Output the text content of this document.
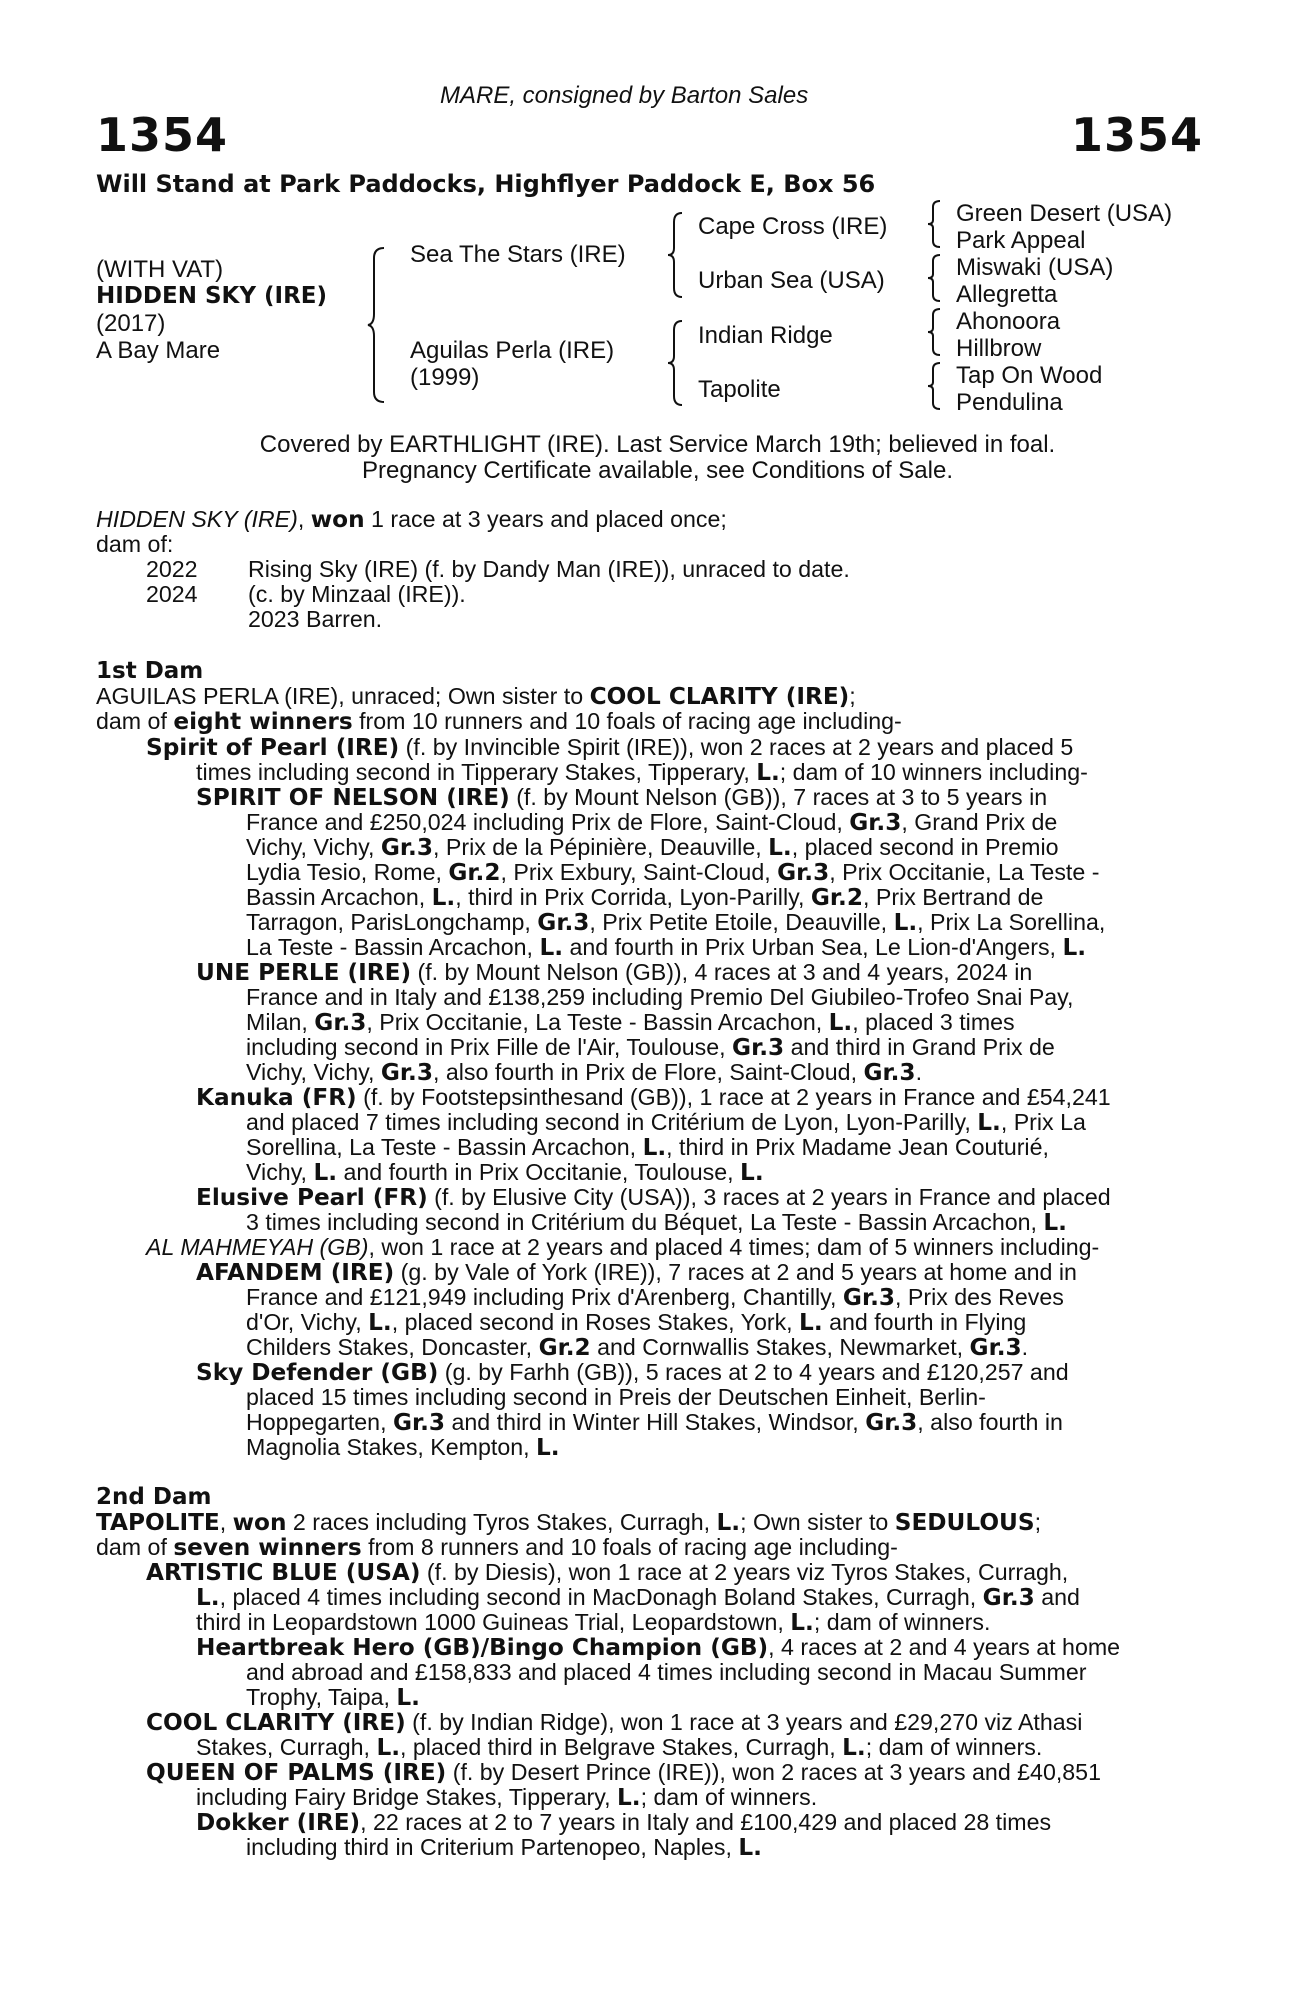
MARE, consigned by Barton Sales
1354	1354
Will Stand at Park Paddocks, Highflyer Paddock E, Box 56
(WITH VAT)
HIDDEN SKY (IRE)
(2017)
A Bay Mare
Sea The Stars (IRE)
Aguilas Perla (IRE)
(1999)
Cape Cross (IRE)
Urban Sea (USA)
Indian Ridge
Tapolite
Green Desert (USA)
Park Appeal
Miswaki (USA)
Allegretta
Ahonoora
Hillbrow
Tap On Wood
Pendulina
Covered by EARTHLIGHT (IRE). Last Service March 19th; believed in foal.
Pregnancy Certificate available, see Conditions of Sale.
HIDDEN SKY (IRE), won 1 race at 3 years and placed once;
dam of:
2022 Rising Sky (IRE) (f. by Dandy Man (IRE)), unraced to date.
2024 (c. by Minzaal (IRE)).
2023 Barren.
1st Dam
AGUILAS PERLA (IRE), unraced; Own sister to COOL CLARITY (IRE);
dam of eight winners from 10 runners and 10 foals of racing age including-
Spirit of Pearl (IRE) (f. by Invincible Spirit (IRE)), won 2 races at 2 years and placed 5
times including second in Tipperary Stakes, Tipperary, L.; dam of 10 winners including-
SPIRIT OF NELSON (IRE) (f. by Mount Nelson (GB)), 7 races at 3 to 5 years in
France and £250,024 including Prix de Flore, Saint-Cloud, Gr.3, Grand Prix de
Vichy, Vichy, Gr.3, Prix de la Pépinière, Deauville, L., placed second in Premio
Lydia Tesio, Rome, Gr.2, Prix Exbury, Saint-Cloud, Gr.3, Prix Occitanie, La Teste -
Bassin Arcachon, L., third in Prix Corrida, Lyon-Parilly, Gr.2, Prix Bertrand de
Tarragon, ParisLongchamp, Gr.3, Prix Petite Etoile, Deauville, L., Prix La Sorellina,
La Teste - Bassin Arcachon, L. and fourth in Prix Urban Sea, Le Lion-d'Angers, L.
UNE PERLE (IRE) (f. by Mount Nelson (GB)), 4 races at 3 and 4 years, 2024 in
France and in Italy and £138,259 including Premio Del Giubileo-Trofeo Snai Pay,
Milan, Gr.3, Prix Occitanie, La Teste - Bassin Arcachon, L., placed 3 times
including second in Prix Fille de l'Air, Toulouse, Gr.3 and third in Grand Prix de
Vichy, Vichy, Gr.3, also fourth in Prix de Flore, Saint-Cloud, Gr.3.
Kanuka (FR) (f. by Footstepsinthesand (GB)), 1 race at 2 years in France and £54,241
and placed 7 times including second in Critérium de Lyon, Lyon-Parilly, L., Prix La
Sorellina, La Teste - Bassin Arcachon, L., third in Prix Madame Jean Couturié,
Vichy, L. and fourth in Prix Occitanie, Toulouse, L.
Elusive Pearl (FR) (f. by Elusive City (USA)), 3 races at 2 years in France and placed
3 times including second in Critérium du Béquet, La Teste - Bassin Arcachon, L.
AL MAHMEYAH (GB), won 1 race at 2 years and placed 4 times; dam of 5 winners including-
AFANDEM (IRE) (g. by Vale of York (IRE)), 7 races at 2 and 5 years at home and in
France and £121,949 including Prix d'Arenberg, Chantilly, Gr.3, Prix des Reves
d'Or, Vichy, L., placed second in Roses Stakes, York, L. and fourth in Flying
Childers Stakes, Doncaster, Gr.2 and Cornwallis Stakes, Newmarket, Gr.3.
Sky Defender (GB) (g. by Farhh (GB)), 5 races at 2 to 4 years and £120,257 and
placed 15 times including second in Preis der Deutschen Einheit, Berlin-
Hoppegarten, Gr.3 and third in Winter Hill Stakes, Windsor, Gr.3, also fourth in
Magnolia Stakes, Kempton, L.
2nd Dam
TAPOLITE, won 2 races including Tyros Stakes, Curragh, L.; Own sister to SEDULOUS;
dam of seven winners from 8 runners and 10 foals of racing age including-
ARTISTIC BLUE (USA) (f. by Diesis), won 1 race at 2 years viz Tyros Stakes, Curragh,
L., placed 4 times including second in MacDonagh Boland Stakes, Curragh, Gr.3 and
third in Leopardstown 1000 Guineas Trial, Leopardstown, L.; dam of winners.
Heartbreak Hero (GB)/Bingo Champion (GB), 4 races at 2 and 4 years at home
and abroad and £158,833 and placed 4 times including second in Macau Summer
Trophy, Taipa, L.
COOL CLARITY (IRE) (f. by Indian Ridge), won 1 race at 3 years and £29,270 viz Athasi
Stakes, Curragh, L., placed third in Belgrave Stakes, Curragh, L.; dam of winners.
QUEEN OF PALMS (IRE) (f. by Desert Prince (IRE)), won 2 races at 3 years and £40,851
including Fairy Bridge Stakes, Tipperary, L.; dam of winners.
Dokker (IRE), 22 races at 2 to 7 years in Italy and £100,429 and placed 28 times
including third in Criterium Partenopeo, Naples, L.
